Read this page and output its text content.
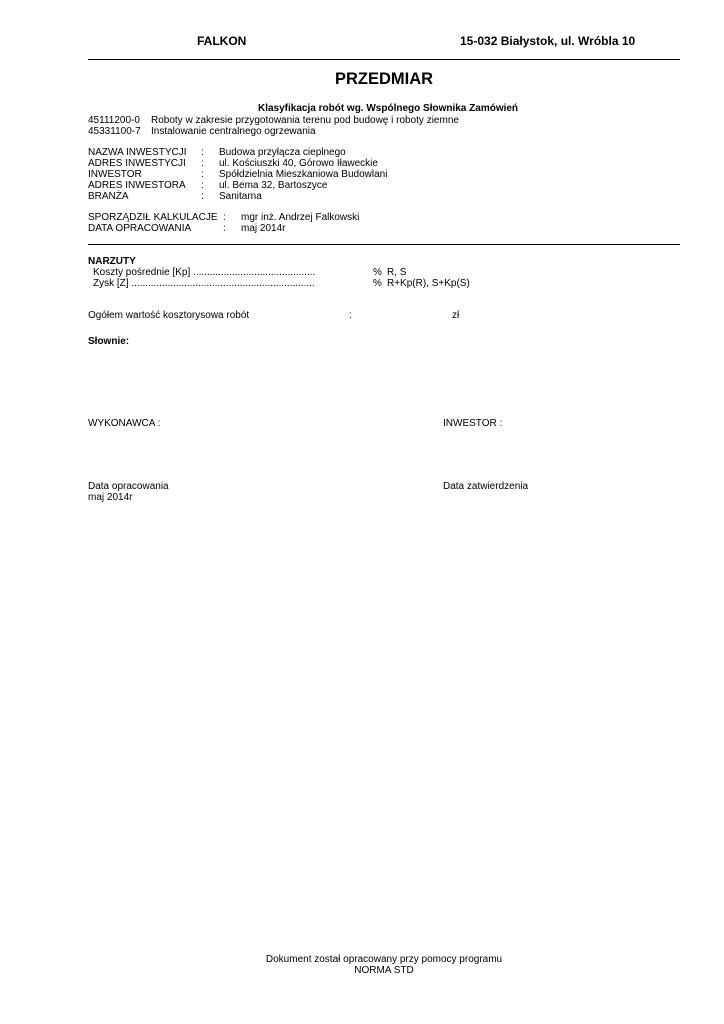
FALKON	15-032 Białystok, ul. Wróbla 10
PRZEDMIAR
Klasyfikacja robót wg. Wspólnego Słownika Zamówień
45111200-0 Roboty w zakresie przygotowania terenu pod budowę i roboty ziemne
45331100-7 Instalowanie centralnego ogrzewania
NAZWA INWESTYCJI : Budowa przyłącza cieplnego
ADRES INWESTYCJI : ul. Kościuszki 40, Górowo Iławeckie
INWESTOR	: Spółdzielnia Mieszkaniowa Budowlani
ADRES INWESTORA : ul. Bema 32, Bartoszyce
BRANŻA	: Sanitarna
SPORZĄDZIŁ KALKULACJE : mgr inż. Andrzej Falkowski
DATA OPRACOWANIA	: maj 2014r
NARZUTY
Koszty pośrednie [Kp] ............................................	% R, S
Zysk [Z] ..................................................................	% R+Kp(R), S+Kp(S)
Ogółem wartość kosztorysowa robót	:	zł
Słownie:
WYKONAWCA :	INWESTOR :
Data opracowania
maj 2014r
Data zatwierdzenia
Dokument został opracowany przy pomocy programu
NORMA STD
